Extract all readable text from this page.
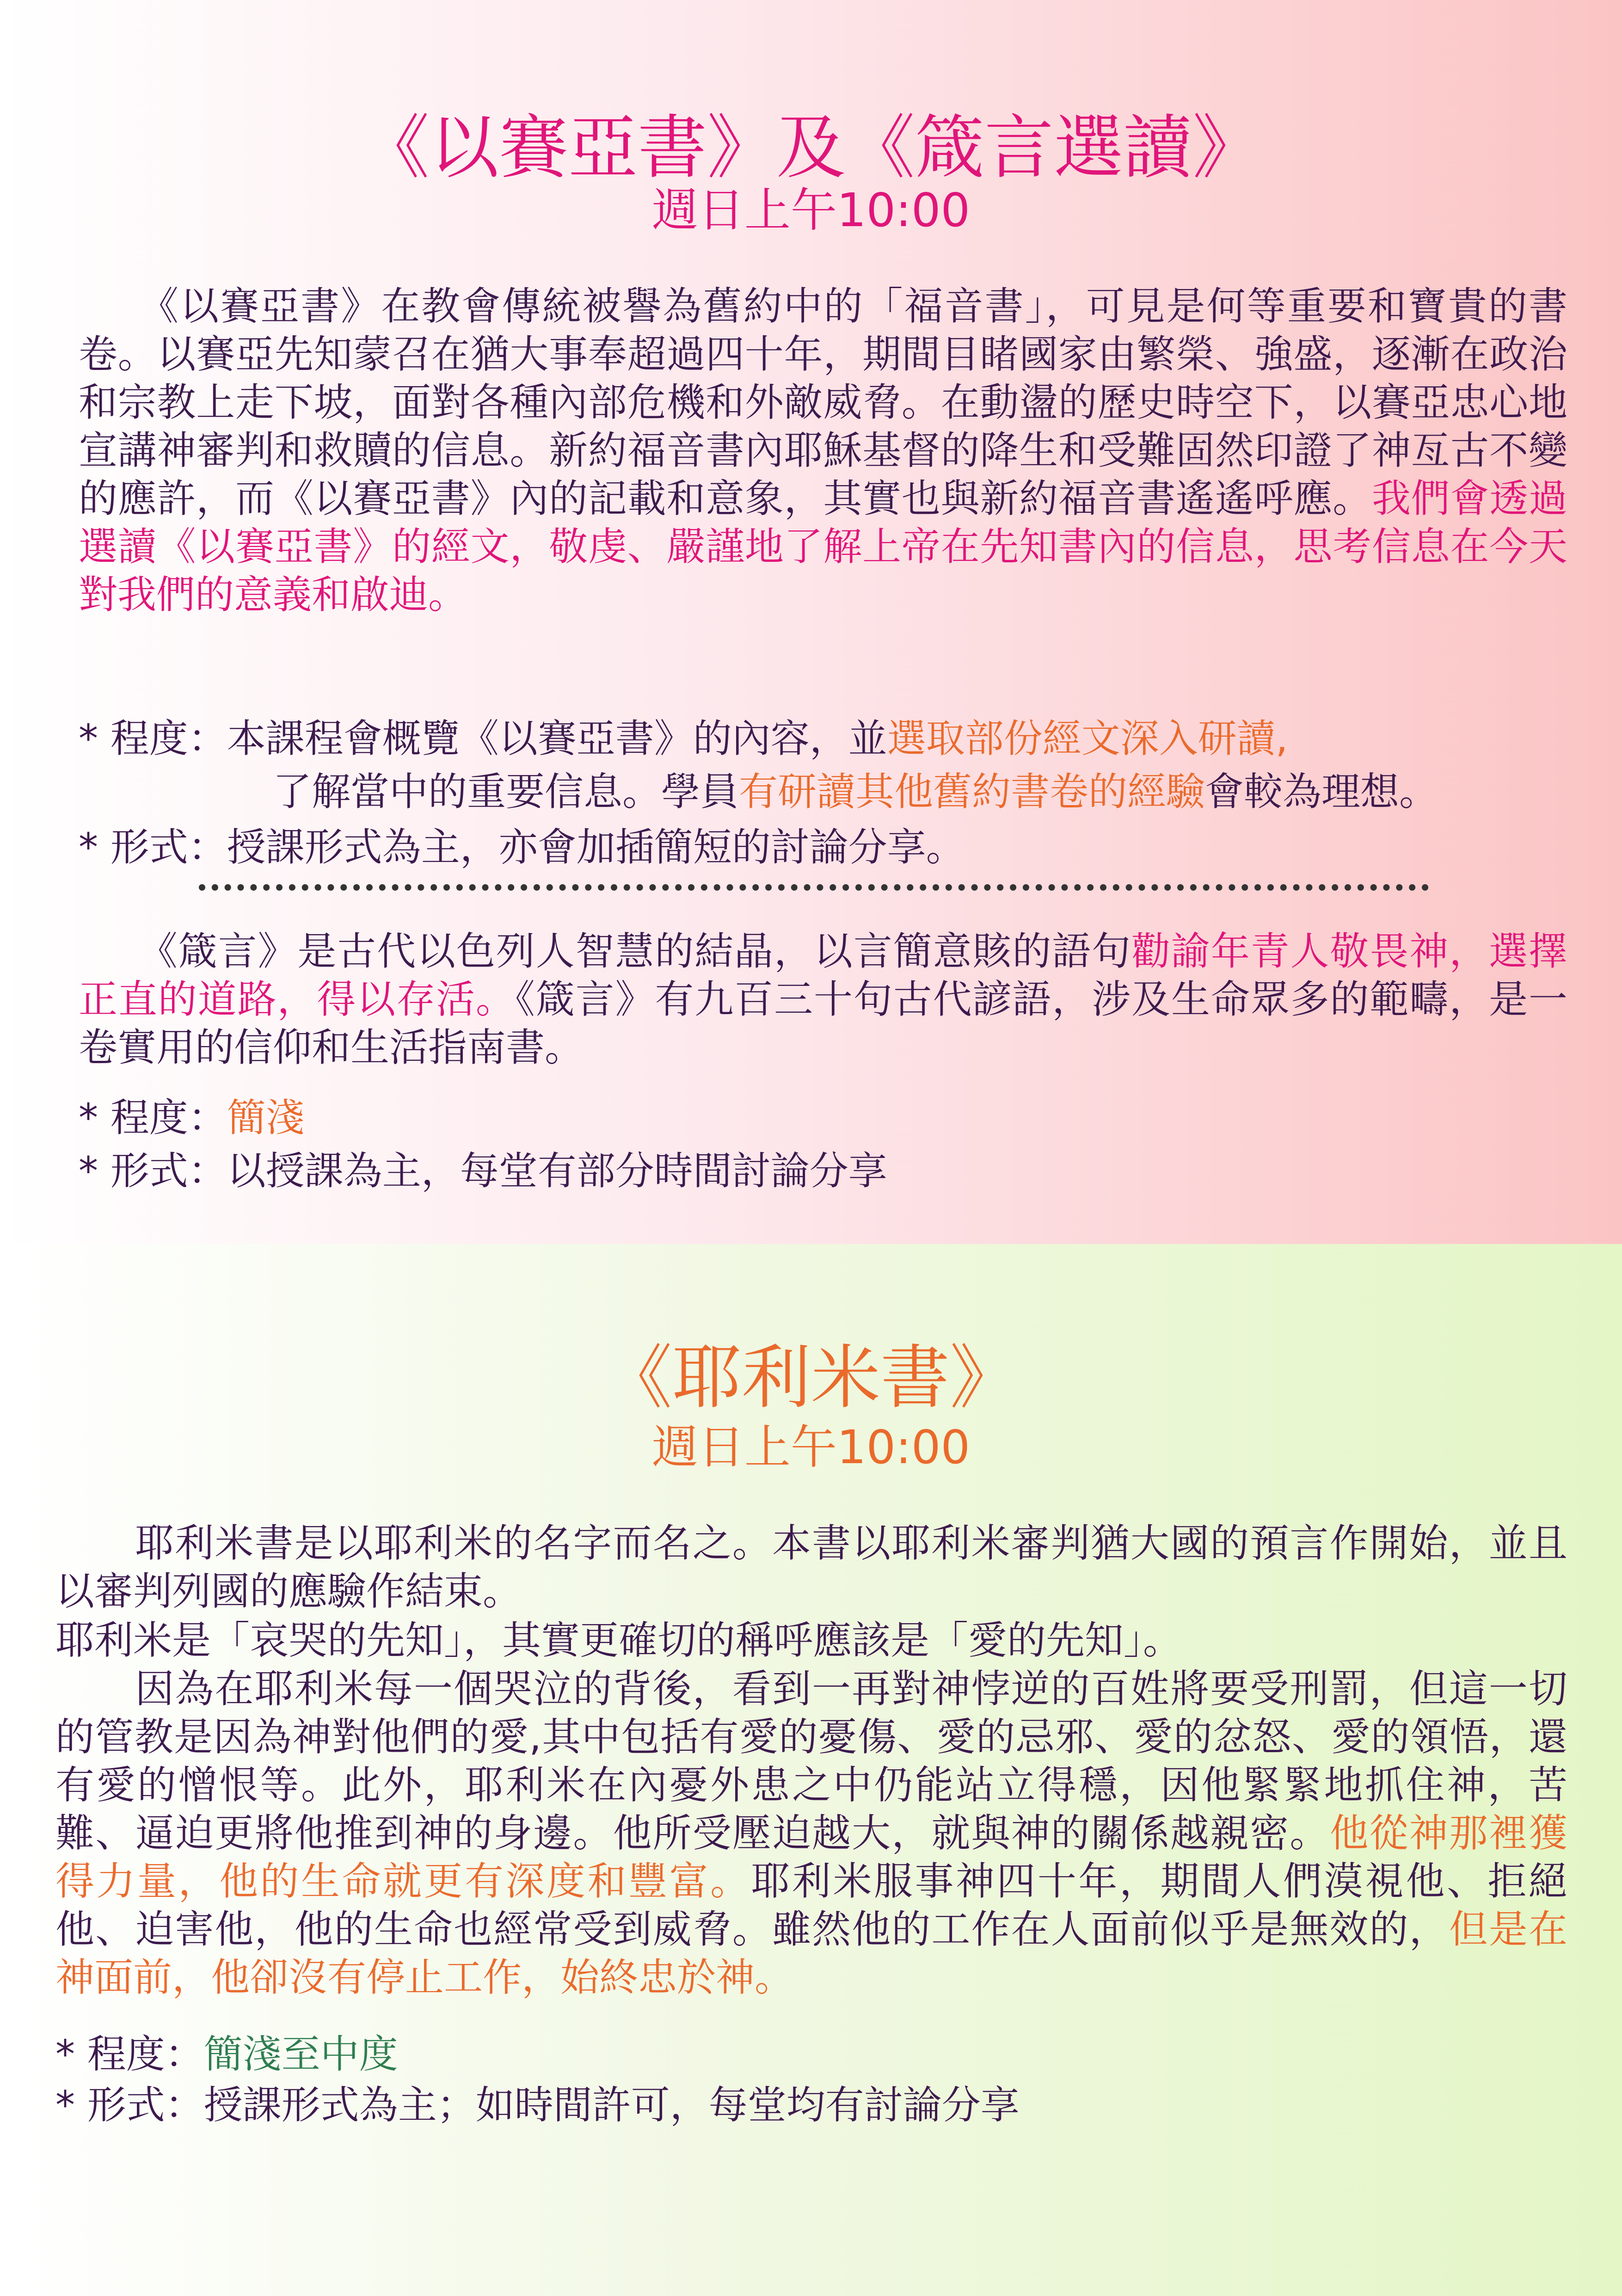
《以賽亞書》及《箴言選讀》
週日上午10:00

　　《以賽亞書》在教會傳統被譽為舊約中的「福音書」，可見是何等重要和寶貴的書卷。以賽亞先知蒙召在猶大事奉超過四十年，期間目睹國家由繁榮、強盛，逐漸在政治和宗教上走下坡，面對各種內部危機和外敵威脅。在動盪的歷史時空下，以賽亞忠心地宣講神審判和救贖的信息。新約福音書內耶穌基督的降生和受難固然印證了神亙古不變的應許，而《以賽亞書》內的記載和意象，其實也與新約福音書遙遙呼應。我們會透過選讀《以賽亞書》的經文，敬虔、嚴謹地了解上帝在先知書內的信息，思考信息在今天對我們的意義和啟迪。

* 程度：本課程會概覽《以賽亞書》的內容，並選取部份經文深入研讀,

了解當中的重要信息。學員有研讀其他舊約書卷的經驗會較為理想。

* 形式：授課形式為主，亦會加插簡短的討論分享。

　　《箴言》是古代以色列人智慧的結晶，以言簡意賅的語句勸諭年青人敬畏神，選擇正直的道路，得以存活。《箴言》有九百三十句古代諺語，涉及生命眾多的範疇，是一卷實用的信仰和生活指南書。

* 程度：簡淺

* 形式：以授課為主，每堂有部分時間討論分享

《耶利米書》
週日上午10:00

　　耶利米書是以耶利米的名字而名之。本書以耶利米審判猶大國的預言作開始，並且以審判列國的應驗作結束。

耶利米是「哀哭的先知」，其實更確切的稱呼應該是「愛的先知」。

　　因為在耶利米每一個哭泣的背後，看到一再對神悖逆的百姓將要受刑罰，但這一切的管教是因為神對他們的愛,其中包括有愛的憂傷、愛的忌邪、愛的忿怒、愛的領悟，還有愛的憎恨等。此外，耶利米在內憂外患之中仍能站立得穩，因他緊緊地抓住神，苦難、逼迫更將他推到神的身邊。他所受壓迫越大，就與神的關係越親密。他從神那裡獲得力量，他的生命就更有深度和豐富。耶利米服事神四十年，期間人們漠視他、拒絕他、迫害他，他的生命也經常受到威脅。雖然他的工作在人面前似乎是無效的，但是在神面前，他卻沒有停止工作，始終忠於神。

* 程度：簡淺至中度

* 形式：授課形式為主；如時間許可，每堂均有討論分享
